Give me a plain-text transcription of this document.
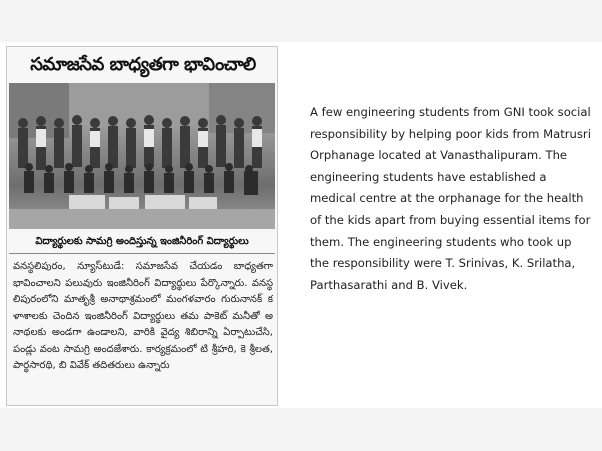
సమాజసేవ బాధ్యతగా భావించాలి
విద్యార్థులకు సామగ్రి అందిస్తున్న ఇంజినీరింగ్ విద్యార్థులు
వనస్థలిపురం, న్యూస్‌టుడే: సమాజసేవ చేయడం బాధ్యతగా భావించాలని పలువురు ఇంజినీరింగ్ విద్యార్థులు పేర్కొన్నారు. వనస్థలిపురంలోని మాతృశ్రీ అనాథాశ్రమంలో మంగళవారం గురునానక్ కళాశాలకు చెందిన ఇంజినీరింగ్ విద్యార్థులు తమ పాకెట్ మనీతో అనాథలకు అండగా ఉండాలని, వారికి వైద్య శిబిరాన్ని ఏర్పాటుచేసి, పండ్లు వంట సామగ్రి అందజేశారు. కార్యక్రమంలో టి శ్రీహరి, కె శ్రీలత, పార్థసారథి, బి వివేక్ తదితరులు ఉన్నారు

A few engineering students from GNI took social responsibility by helping poor kids from Matrusri Orphanage located at Vanasthalipuram. The engineering students have established a medical centre at the orphanage for the health of the kids apart from buying essential items for them. The engineering students who took up the responsibility were T. Srinivas, K. Srilatha, Parthasarathi and B. Vivek.
